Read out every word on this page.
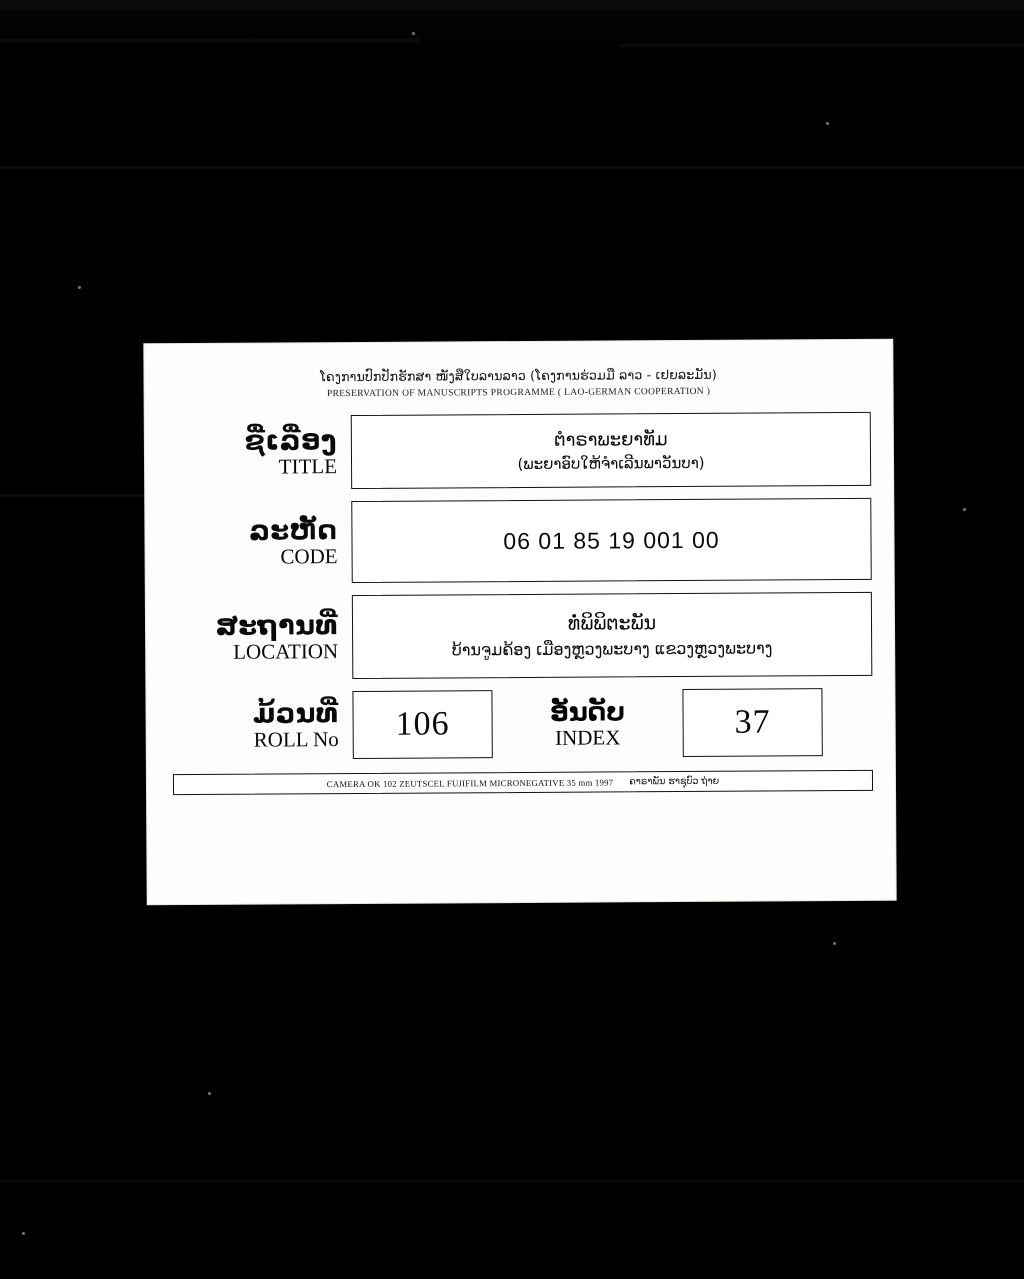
ໂຄງການປົກປັກຮັກສາ ໜັງສືໃບລານລາວ (ໂຄງການຮ່ວມມື ລາວ - ເຢຍລະມັນ)
PRESERVATION OF MANUSCRIPTS PROGRAMME ( LAO-GERMAN COOPERATION )
ຊື່ເລື່ອງ
TITLE
ຕຳຣາພະຍາທັມ
(ພະຍາອົບໃຫ້ຈຳເລີນພາວັນບາ)
ລະຫັດ
CODE
06 01 85 19 001 00
ສະຖານທີ່
LOCATION
ທໍ່ພິພິຕະພັນ
ບ້ານຈູມຄ້ອງ ເມືອງຫຼວງພະບາງ ແຂວງຫຼວງພະບາງ
ມ້ວນທີ່
ROLL No 106	ອັນດັບ
INDEX	37
CAMERA OK 102 ZEUTSCEL FUJIFILM MICRONEGATIVE 35 mm 1997 ຄາຣາພັນ ຮາຊຸບົວ ຖ່າຍ
